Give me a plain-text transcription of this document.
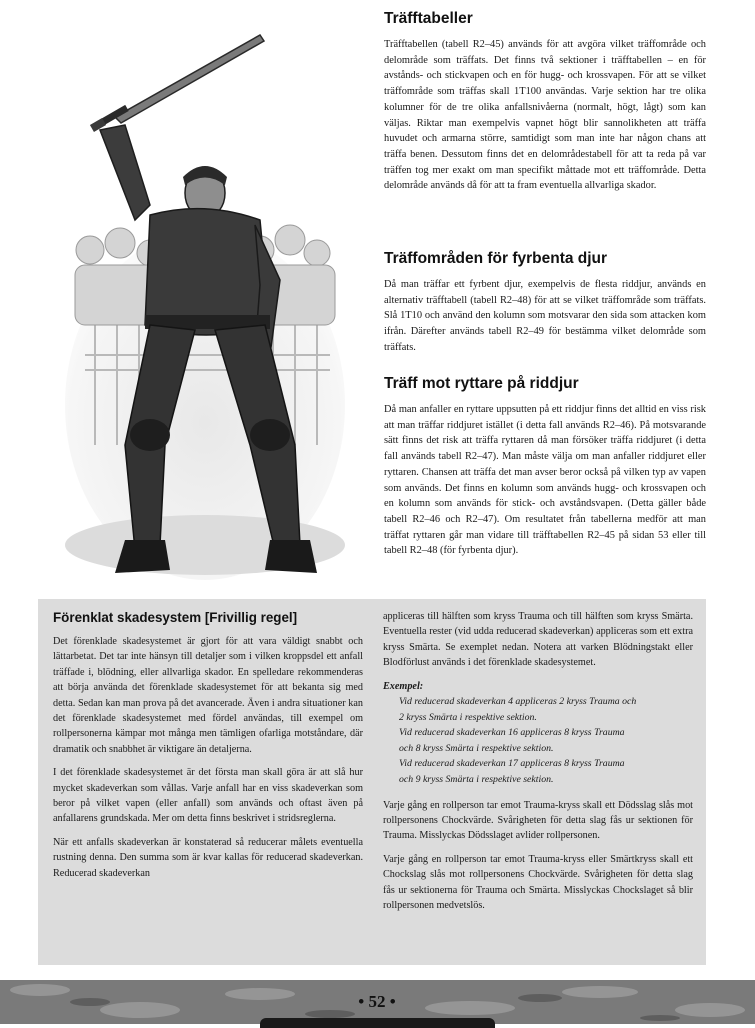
Träfftabeller

Träfftabellen (tabell R2–45) används för att avgöra vilket träffområde och delområde som träffats. Det finns två sektioner i träfftabellen – en för avstånds- och stickvapen och en för hugg- och krossvapen. För att se vilket träffområde som träffas skall 1T100 användas. Varje sektion har tre olika kolumner för de tre olika anfallsnivåerna (normalt, högt, lågt) som kan väljas. Riktar man exempelvis vapnet högt blir sannolikheten att träffa huvudet och armarna större, samtidigt som man inte har någon chans att träffa benen. Dessutom finns det en delområdestabell för att ta reda på var träffen tog mer exakt om man specifikt måttade mot ett träffområde. Detta delområde används då för att ta fram eventuella allvarliga skador.

Träffområden för fyrbenta djur

Då man träffar ett fyrbent djur, exempelvis de flesta riddjur, används en alternativ träfftabell (tabell R2–48) för att se vilket träffområde som träffats. Slå 1T10 och använd den kolumn som motsvarar den sida som attacken kom ifrån. Därefter används tabell R2–49 för bestämma vilket delområde som träffats.

Träff mot ryttare på riddjur

Då man anfaller en ryttare uppsutten på ett riddjur finns det alltid en viss risk att man träffar riddjuret istället (i detta fall används R2–46). På motsvarande sätt finns det risk att träffa ryttaren då man försöker träffa riddjuret (i detta fall används tabell R2–47). Man måste välja om man anfaller riddjuret eller ryttaren. Chansen att träffa det man avser beror också på vilken typ av vapen som används. Det finns en kolumn som används hugg- och krossvapen och en kolumn som används för stick- och avståndsvapen. (Detta gäller både tabell R2–46 och R2–47). Om resultatet från tabellerna medför att man träffat ryttaren går man vidare till träfftabellen R2–45 på sidan 53 eller till tabell R2–48 (för fyrbenta djur).

Förenklat skadesystem [Frivillig regel]

Det förenklade skadesystemet är gjort för att vara väldigt snabbt och lättarbetat. Det tar inte hänsyn till detaljer som i vilken kroppsdel ett anfall träffade i, blödning, eller allvarliga skador. En spelledare rekommenderas att börja använda det förenklade skadesystemet för att bekanta sig med detta. Sedan kan man prova på det avancerade. Även i andra situationer kan det förenklade skadesystemet med fördel användas, till exempel om rollpersonerna kämpar mot många men tämligen ofarliga motståndare, där dramatik och snabbhet är viktigare än detaljerna.

I det förenklade skadesystemet är det första man skall göra är att slå hur mycket skadeverkan som vållas. Varje anfall har en viss skadeverkan som beror på vilket vapen (eller anfall) som används och oftast även på anfallarens grundskada. Mer om detta finns beskrivet i stridsreglerna.

När ett anfalls skadeverkan är konstaterad så reducerar målets eventuella rustning denna. Den summa som är kvar kallas för reducerad skadeverkan. Reducerad skadeverkan

appliceras till hälften som kryss Trauma och till hälften som kryss Smärta. Eventuella rester (vid udda reducerad skadeverkan) appliceras som ett extra kryss Smärta. Se exemplet nedan. Notera att varken Blödningstakt eller Blodförlust används i det förenklade skadesystemet.

Exempel:

Vid reducerad skadeverkan 4 appliceras 2 kryss Trauma och

2 kryss Smärta i respektive sektion.

Vid reducerad skadeverkan 16 appliceras 8 kryss Trauma

och 8 kryss Smärta i respektive sektion.

Vid reducerad skadeverkan 17 appliceras 8 kryss Trauma

och 9 kryss Smärta i respektive sektion.

Varje gång en rollperson tar emot Trauma-kryss skall ett Dödsslag slås mot rollpersonens Chockvärde. Svårigheten för detta slag fås ur sektionen för Trauma. Misslyckas Dödsslaget avlider rollpersonen.

Varje gång en rollperson tar emot Trauma-kryss eller Smärtkryss skall ett Chockslag slås mot rollpersonens Chockvärde. Svårigheten för detta slag fås ur sektionerna för Trauma och Smärta. Misslyckas Chockslaget så blir rollpersonen medvetslös.

• 52 •
